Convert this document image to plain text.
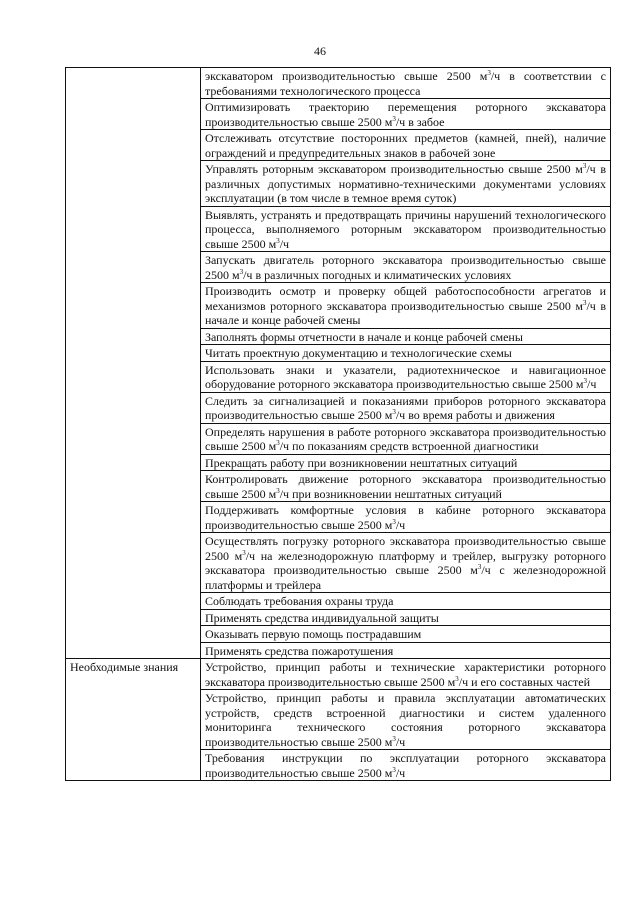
46
	экскаватором производительностью свыше 2500 $м^3/ч$ в соответствии с требованиями технологического процесса
	Оптимизировать траекторию перемещения роторного экскаватора производительностью свыше 2500 $м^3/ч$ в забое
	Отслеживать отсутствие посторонних предметов (камней, пней), наличие ограждений и предупредительных знаков в рабочей зоне
	Управлять роторным экскаватором производительностью свыше 2500 $м^3/ч$ в различных допустимых нормативно-техническими документами условиях эксплуатации (в том числе в темное время суток)
	Выявлять, устранять и предотвращать причины нарушений технологического процесса, выполняемого роторным экскаватором производительностью свыше 2500 $м^3/ч$
	Запускать двигатель роторного экскаватора производительностью свыше 2500 $м^3/ч$ в различных погодных и климатических условиях
	Производить осмотр и проверку общей работоспособности агрегатов и механизмов роторного экскаватора производительностью свыше 2500 $м^3/ч$ в начале и конце рабочей смены
	Заполнять формы отчетности в начале и конце рабочей смены
	Читать проектную документацию и технологические схемы
	Использовать знаки и указатели, радиотехническое и навигационное оборудование роторного экскаватора производительностью свыше 2500 $м^3/ч$
	Следить за сигнализацией и показаниями приборов роторного экскаватора производительностью свыше 2500 $м^3/ч$ во время работы и движения
	Определять нарушения в работе роторного экскаватора производительностью свыше 2500 $м^3/ч$ по показаниям средств встроенной диагностики
	Прекращать работу при возникновении нештатных ситуаций
	Контролировать движение роторного экскаватора производительностью свыше 2500 $м^3/ч$ при возникновении нештатных ситуаций
	Поддерживать комфортные условия в кабине роторного экскаватора производительностью свыше 2500 $м^3/ч$
	Осуществлять погрузку роторного экскаватора производительностью свыше 2500 $м^3/ч$ на железнодорожную платформу и трейлер, выгрузку роторного экскаватора производительностью свыше 2500 $м^3/ч$ с железнодорожной платформы и трейлера
	Соблюдать требования охраны труда
	Применять средства индивидуальной защиты
	Оказывать первую помощь пострадавшим
	Применять средства пожаротушения
Необходимые знания	Устройство, принцип работы и технические характеристики роторного экскаватора производительностью свыше 2500 $м^3/ч$ и его составных частей
	Устройство, принцип работы и правила эксплуатации автоматических устройств, средств встроенной диагностики и систем удаленного мониторинга технического состояния роторного экскаватора производительностью свыше 2500 $м^3/ч$
	Требования инструкции по эксплуатации роторного экскаватора производительностью свыше 2500 $м^3/ч$
